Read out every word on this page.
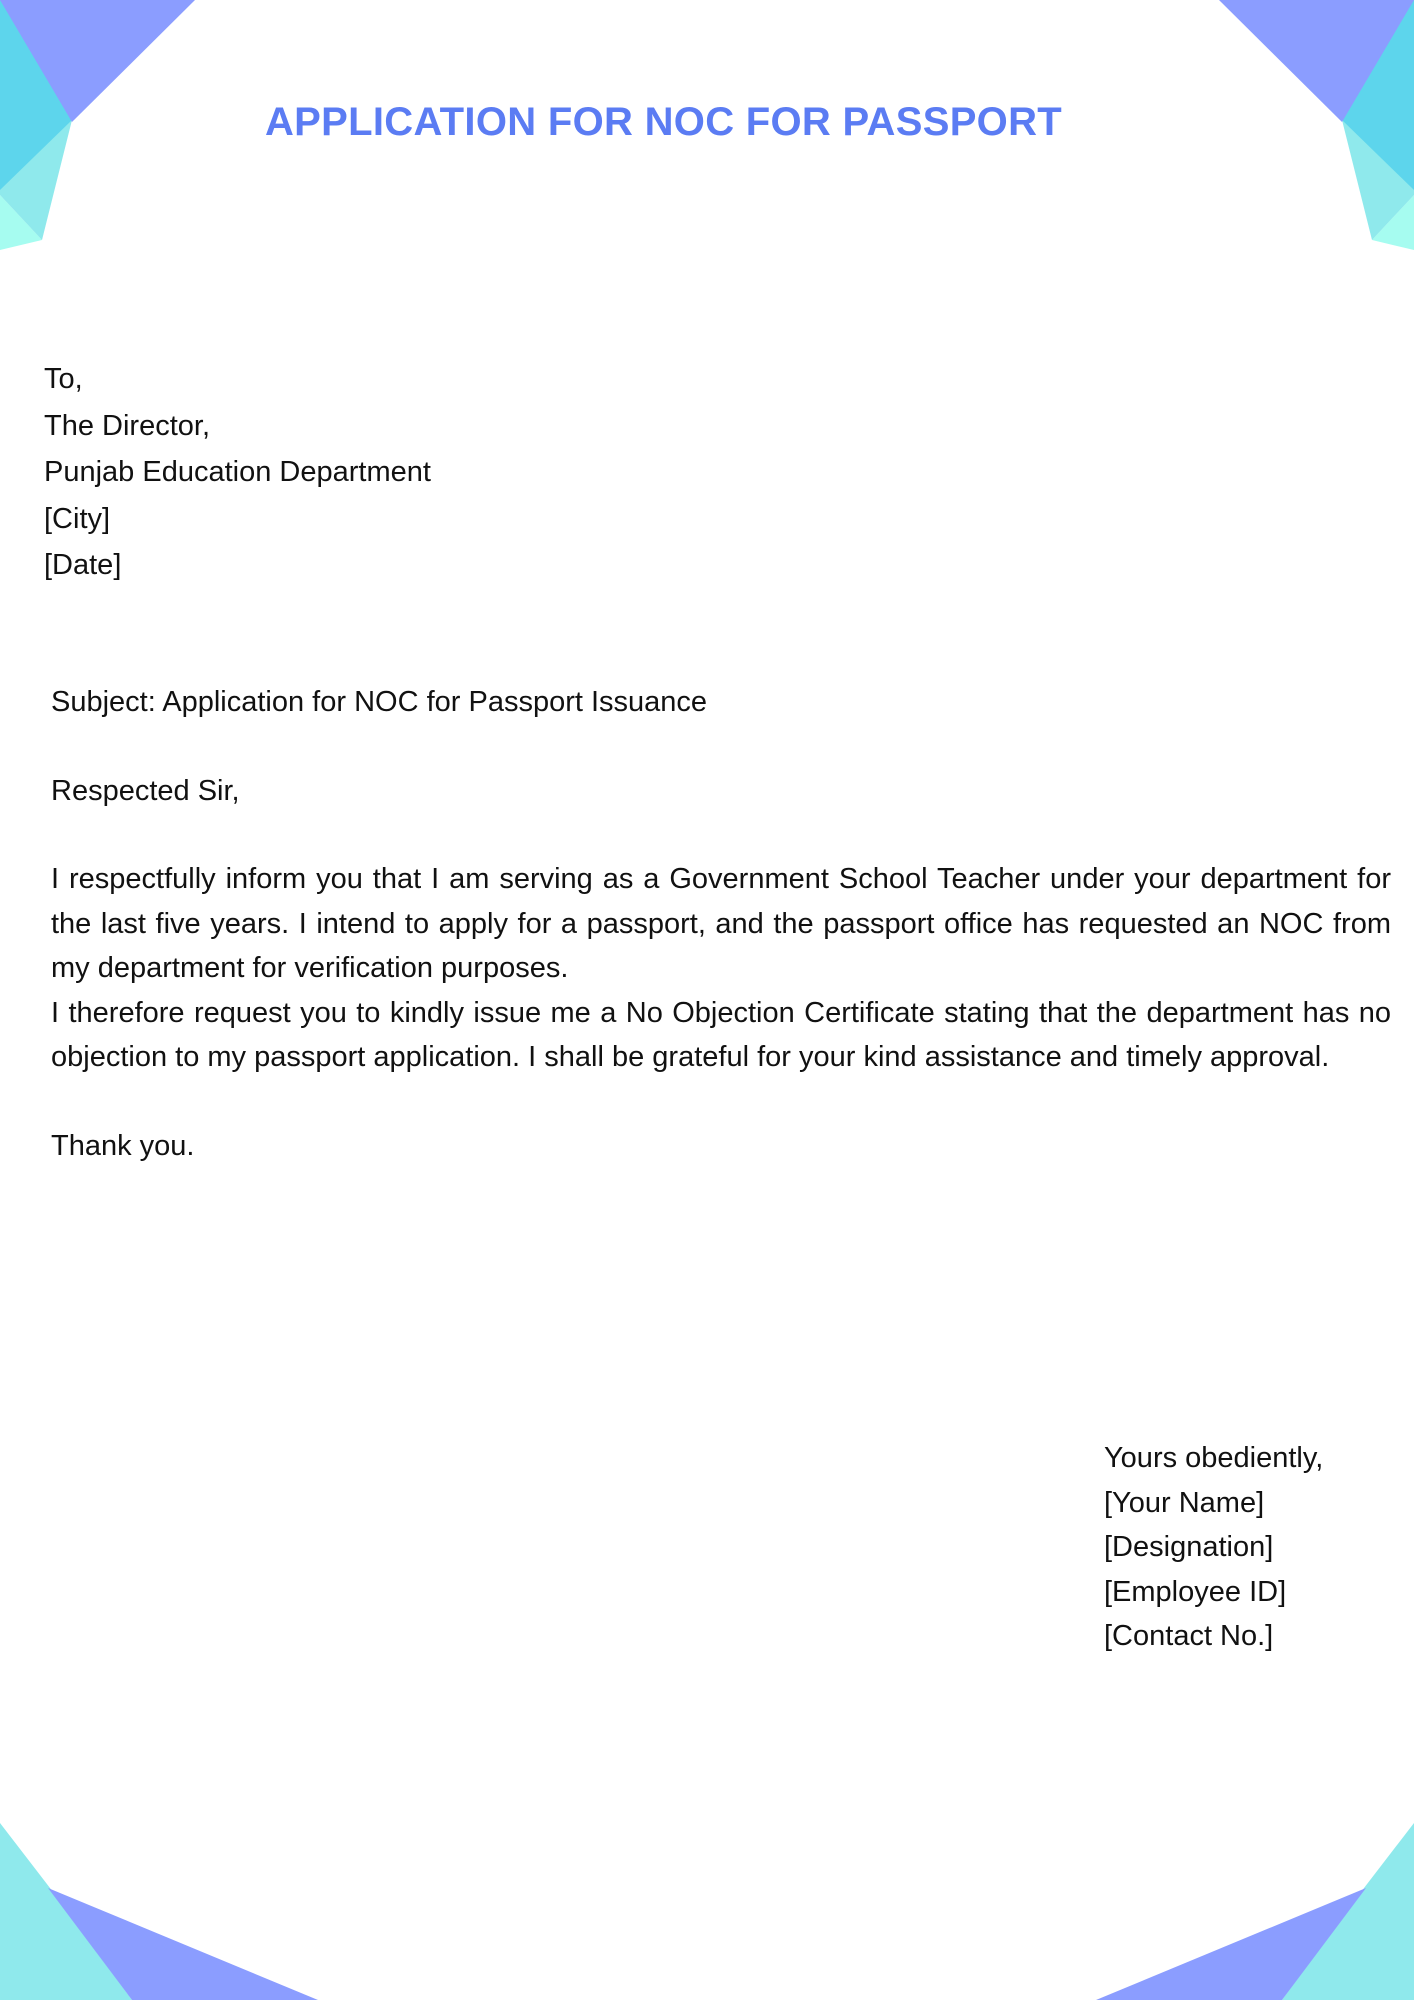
APPLICATION FOR NOC FOR PASSPORT
To,
The Director,
Punjab Education Department
[City]
[Date]

Subject: Application for NOC for Passport Issuance

Respected Sir,

I respectfully inform you that I am serving as a Government School Teacher under your department for the last five years. I intend to apply for a passport, and the passport office has requested an NOC from my department for verification purposes.

I therefore request you to kindly issue me a No Objection Certificate stating that the department has no objection to my passport application. I shall be grateful for your kind assistance and timely approval.

Thank you.

Yours obediently,
[Your Name]
[Designation]
[Employee ID]
[Contact No.]
